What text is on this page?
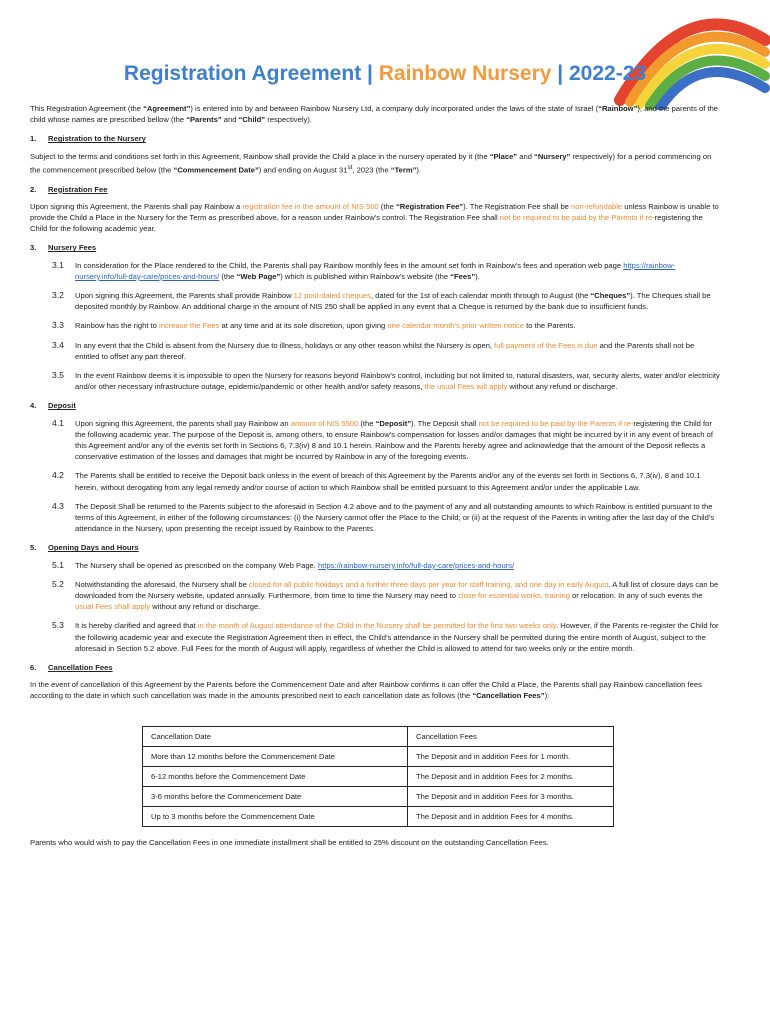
Registration Agreement | Rainbow Nursery | 2022-23

This Registration Agreement (the “Agreement”) is entered into by and between Rainbow Nursery Ltd, a company duly incorporated under the laws of the state of Israel (“Rainbow”), and the parents of the child whose names are prescribed bellow (the “Parents” and “Child” respectively).

1. Registration to the Nursery

Subject to the terms and conditions set forth in this Agreement, Rainbow shall provide the Child a place in the nursery operated by it (the “Place” and “Nursery” respectively) for a period commencing on the commencement prescribed below (the “Commencement Date”) and ending on August 31st, 2023 (the “Term”).

2. Registration Fee

Upon signing this Agreement, the Parents shall pay Rainbow a registration fee in the amount of NIS 500 (the “Registration Fee”). The Registration Fee shall be non-refundable unless Rainbow is unable to provide the Child a Place in the Nursery for the Term as prescribed above, for a reason under Rainbow’s control. The Registration Fee shall not be required to be paid by the Parents if re-registering the Child for the following academic year.

3. Nursery Fees
3.1 In consideration for the Place rendered to the Child, the Parents shall pay Rainbow monthly fees in the amount set forth in Rainbow’s fees and operation web page https://rainbow-nursery.info/full-day-care/prices-and-hours/ (the “Web Page”) which is published within Rainbow’s website (the “Fees”).
3.2 Upon signing this Agreement, the Parents shall provide Rainbow 12 post-dated cheques, dated for the 1st of each calendar month through to August (the “Cheques”). The Cheques shall be deposited monthly by Rainbow. An additional charge in the amount of NIS 250 shall be applied in any event that a Cheque is returned by the bank due to insufficient funds.
3.3 Rainbow has the right to increase the Fees at any time and at its sole discretion, upon giving one calendar month’s prior written notice to the Parents.
3.4 In any event that the Child is absent from the Nursery due to illness, holidays or any other reason whilst the Nursery is open, full payment of the Fees is due and the Parents shall not be entitled to offset any part thereof.
3.5 In the event Rainbow deems it is impossible to open the Nursery for reasons beyond Rainbow’s control, including but not limited to, natural disasters, war, security alerts, water and/or electricity and/or other necessary infrastructure outage, epidemic/pandemic or other health and/or safety reasons, the usual Fees will apply without any refund or discharge.
4. Deposit
4.1 Upon signing this Agreement, the parents shall pay Rainbow an amount of NIS 5500 (the “Deposit”). The Deposit shall not be required to be paid by the Parents if re-registering the Child for the following academic year. The purpose of the Deposit is, among others, to ensure Rainbow’s compensation for losses and/or damages that might be incurred by it in any event of breach of this Agreement and/or any of the events set forth in Sections 6, 7.3(iv) 8 and 10.1 herein. Rainbow and the Parents hereby agree and acknowledge that the amount of the Deposit reflects a conservative estimation of the losses and damages that might be incurred by Rainbow in any of the foregoing events.
4.2 The Parents shall be entitled to receive the Deposit back unless in the event of breach of this Agreement by the Parents and/or any of the events set forth in Sections 6, 7.3(iv), 8 and 10.1 herein, without derogating from any legal remedy and/or course of action to which Rainbow shall be entitled pursuant to this Agreement and/or under the applicable Law.
4.3 The Deposit Shall be returned to the Parents subject to the aforesaid in Section 4.2 above and to the payment of any and all outstanding amounts to which Rainbow is entitled pursuant to the terms of this Agreement, in either of the following circumstances: (i) the Nursery cannot offer the Place to the Child; or (ii) at the request of the Parents in writing after the last day of the Child’s attendance in the Nursery, upon presenting the receipt issued by Rainbow to the Parents.
5. Opening Days and Hours
5.1 The Nursery shall be opened as prescribed on the company Web Page. https://rainbow-nursery.info/full-day-care/prices-and-hours/
5.2 Notwithstanding the aforesaid, the Nursery shall be closed for all public holidays and a further three days per year for staff training, and one day in early August. A full list of closure days can be downloaded from the Nursery website, updated annually. Furthermore, from time to time the Nursery may need to close for essential works, training or relocation. In any of such events the usual Fees shall apply without any refund or discharge.
5.3 It is hereby clarified and agreed that in the month of August attendance of the Child in the Nursery shall be permitted for the first two weeks only. However, if the Parents re-register the Child for the following academic year and execute the Registration Agreement then in effect, the Child’s attendance in the Nursery shall be permitted during the entire month of August, subject to the aforesaid in Section 5.2 above. Full Fees for the month of August will apply, regardless of whether the Child is allowed to attend for two weeks only or the entire month.
6. Cancellation Fees

In the event of cancellation of this Agreement by the Parents before the Commencement Date and after Rainbow confirms it can offer the Child a Place, the Parents shall pay Rainbow cancellation fees according to the date in which such cancellation was made in the amounts prescribed next to each cancellation date as follows (the “Cancellation Fees”):

Cancellation Date	Cancellation Fees
More than 12 months before the Commencement Date	The Deposit and in addition Fees for 1 month.
6-12 months before the Commencement Date	The Deposit and in addition Fees for 2 months.
3-6 months before the Commencement Date	The Deposit and in addition Fees for 3 months.
Up to 3 months before the Commencement Date	The Deposit and in addition Fees for 4 months.

Parents who would wish to pay the Cancellation Fees in one immediate installment shall be entitled to 25% discount on the outstanding Cancellation Fees.
